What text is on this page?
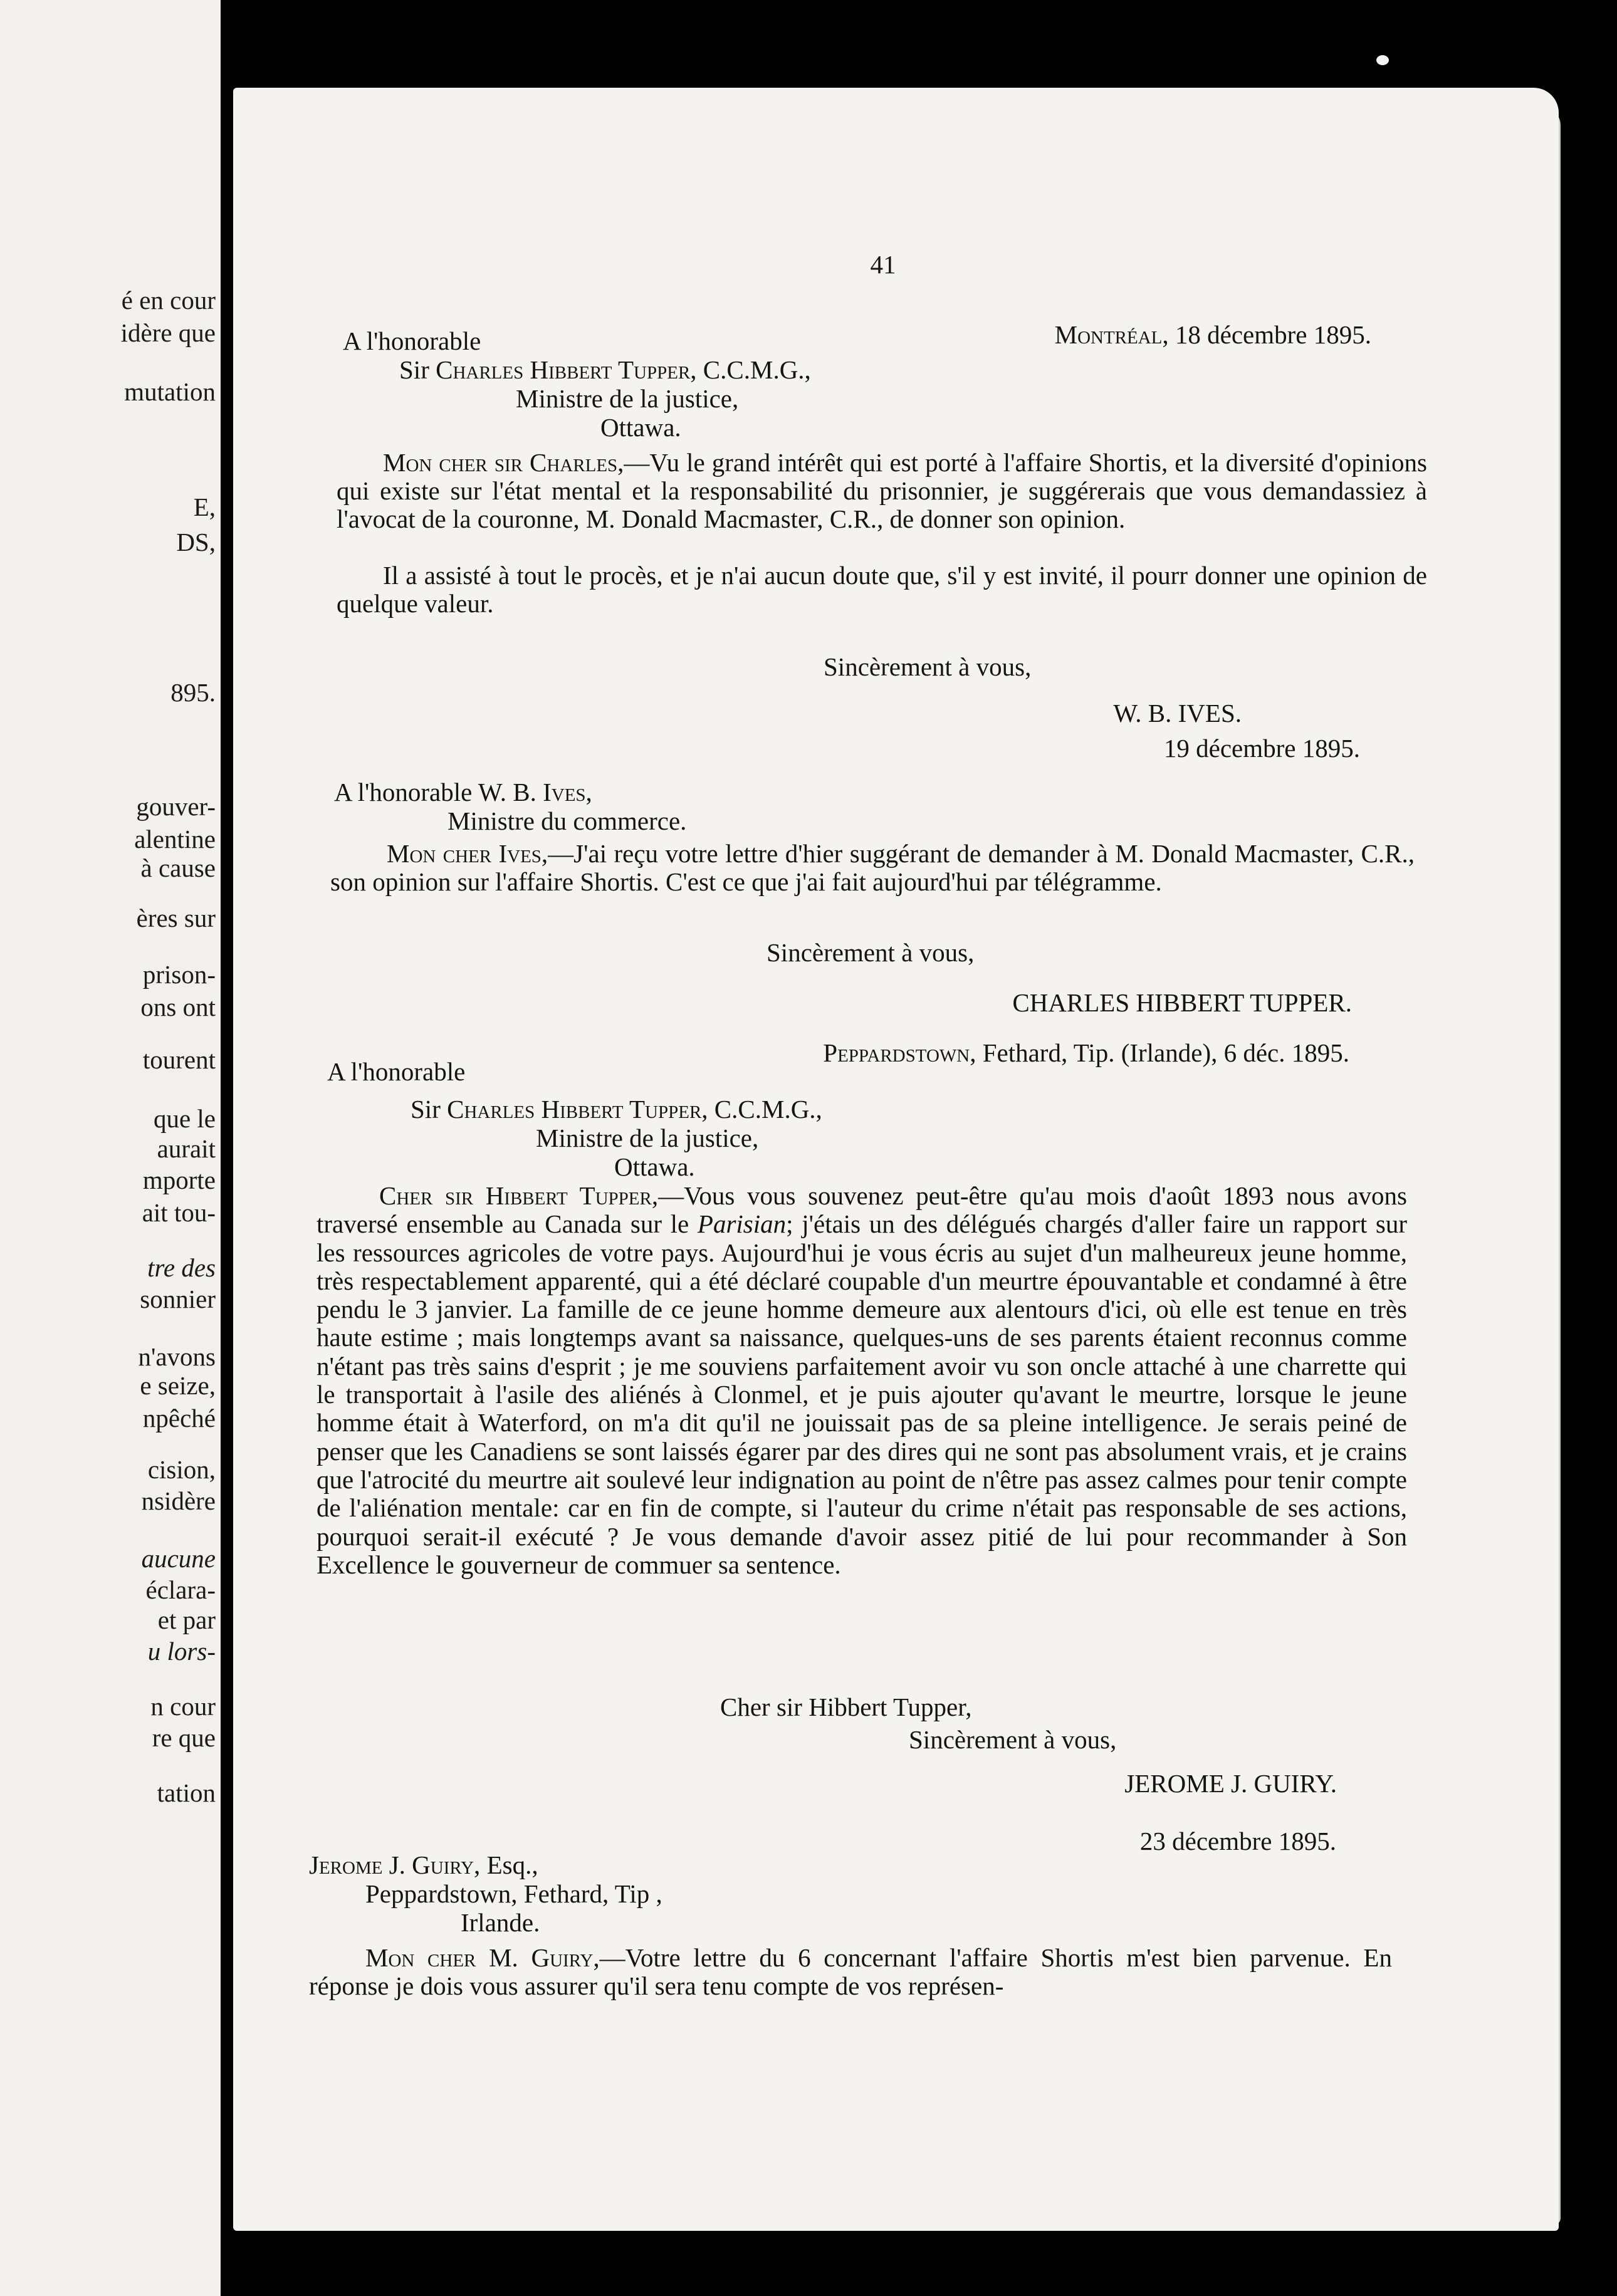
é en cour
idère que
mutation
E,
DS,
895.
gouver-
alentine
à cause
ères sur
prison-
ons ont
tourent
que le
aurait
mporte
ait tou-
tre des
sonnier
n'avons
e seize,
npêché
cision,
nsidère
aucune
éclara-
et par
u lors-
n cour
re que
tation
41
Montréal, 18 décembre 1895.
A l'honorable
Sir Charles Hibbert Tupper, C.C.M.G.,
Ministre de la justice,
Ottawa.
Mon cher sir Charles,—Vu le grand intérêt qui est porté à l'affaire Shortis, et la diversité d'opinions qui existe sur l'état mental et la responsabilité du prisonnier, je suggérerais que vous demandassiez à l'avocat de la couronne, M. Donald Macmaster, C.R., de donner son opinion.
Il a assisté à tout le procès, et je n'ai aucun doute que, s'il y est invité, il pourr donner une opinion de quelque valeur.
Sincèrement à vous,
W. B. IVES.
19 décembre 1895.
A l'honorable W. B. Ives,
Ministre du commerce.
Mon cher Ives,—J'ai reçu votre lettre d'hier suggérant de demander à M. Donald Macmaster, C.R., son opinion sur l'affaire Shortis. C'est ce que j'ai fait aujourd'hui par télégramme.
Sincèrement à vous,
CHARLES HIBBERT TUPPER.
Peppardstown, Fethard, Tip. (Irlande), 6 déc. 1895.
A l'honorable
Sir Charles Hibbert Tupper, C.C.M.G.,
Ministre de la justice,
Ottawa.
Cher sir Hibbert Tupper,—Vous vous souvenez peut-être qu'au mois d'août 1893 nous avons traversé ensemble au Canada sur le Parisian; j'étais un des délégués chargés d'aller faire un rapport sur les ressources agricoles de votre pays. Aujourd'hui je vous écris au sujet d'un malheureux jeune homme, très respectablement apparenté, qui a été déclaré coupable d'un meurtre épouvantable et condamné à être pendu le 3 janvier. La famille de ce jeune homme demeure aux alentours d'ici, où elle est tenue en très haute estime ; mais longtemps avant sa naissance, quelques-uns de ses parents étaient reconnus comme n'étant pas très sains d'esprit ; je me souviens parfaitement avoir vu son oncle attaché à une charrette qui le transportait à l'asile des aliénés à Clonmel, et je puis ajouter qu'avant le meurtre, lorsque le jeune homme était à Waterford, on m'a dit qu'il ne jouissait pas de sa pleine intelligence. Je serais peiné de penser que les Canadiens se sont laissés égarer par des dires qui ne sont pas absolument vrais, et je crains que l'atrocité du meurtre ait soulevé leur indignation au point de n'être pas assez calmes pour tenir compte de l'aliénation mentale: car en fin de compte, si l'auteur du crime n'était pas responsable de ses actions, pourquoi serait-il exécuté ? Je vous demande d'avoir assez pitié de lui pour recommander à Son Excellence le gouverneur de commuer sa sentence.
Cher sir Hibbert Tupper,
Sincèrement à vous,
JEROME J. GUIRY.
23 décembre 1895.
Jerome J. Guiry, Esq.,
Peppardstown, Fethard, Tip ,
Irlande.
Mon cher M. Guiry,—Votre lettre du 6 concernant l'affaire Shortis m'est bien parvenue. En réponse je dois vous assurer qu'il sera tenu compte de vos représen-
